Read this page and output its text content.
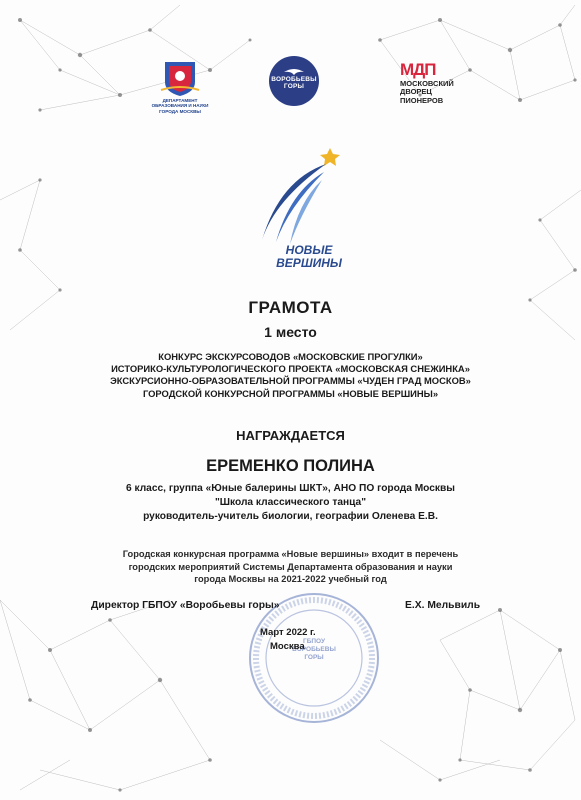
ДЕПАРТАМЕНТ ОБРАЗОВАНИЯ И НАУКИ ГОРОДА МОСКВЫ
ВОРОБЬЕВЫ ГОРЫ
МДП
МОСКОВСКИЙ
ДВОРЕЦ
ПИОНЕРОВ
НОВЫЕ
ВЕРШИНЫ
ГРАМОТА
1 место
КОНКУРС ЭКСКУРСОВОДОВ «МОСКОВСКИЕ ПРОГУЛКИ»
ИСТОРИКО-КУЛЬТУРОЛОГИЧЕСКОГО ПРОЕКТА «МОСКОВСКАЯ СНЕЖИНКА»
ЭКСКУРСИОННО-ОБРАЗОВАТЕЛЬНОЙ ПРОГРАММЫ «ЧУДЕН ГРАД МОСКОВ»
ГОРОДСКОЙ КОНКУРСНОЙ ПРОГРАММЫ «НОВЫЕ ВЕРШИНЫ»
НАГРАЖДАЕТСЯ
ЕРЕМЕНКО ПОЛИНА
6 класс, группа «Юные балерины ШКТ», АНО ПО города Москвы
"Школа классического танца"
руководитель-учитель биологии, географии Оленева Е.В.
Городская конкурсная программа «Новые вершины» входит в перечень
городских мероприятий Системы Департамента образования и науки
города Москвы на 2021-2022 учебный год
ГБПОУ
ВОРОБЬЕВЫ
ГОРЫ
Директор ГБПОУ «Воробьевы горы»	Е.Х. Мельвиль
Март 2022 г.
Москва
